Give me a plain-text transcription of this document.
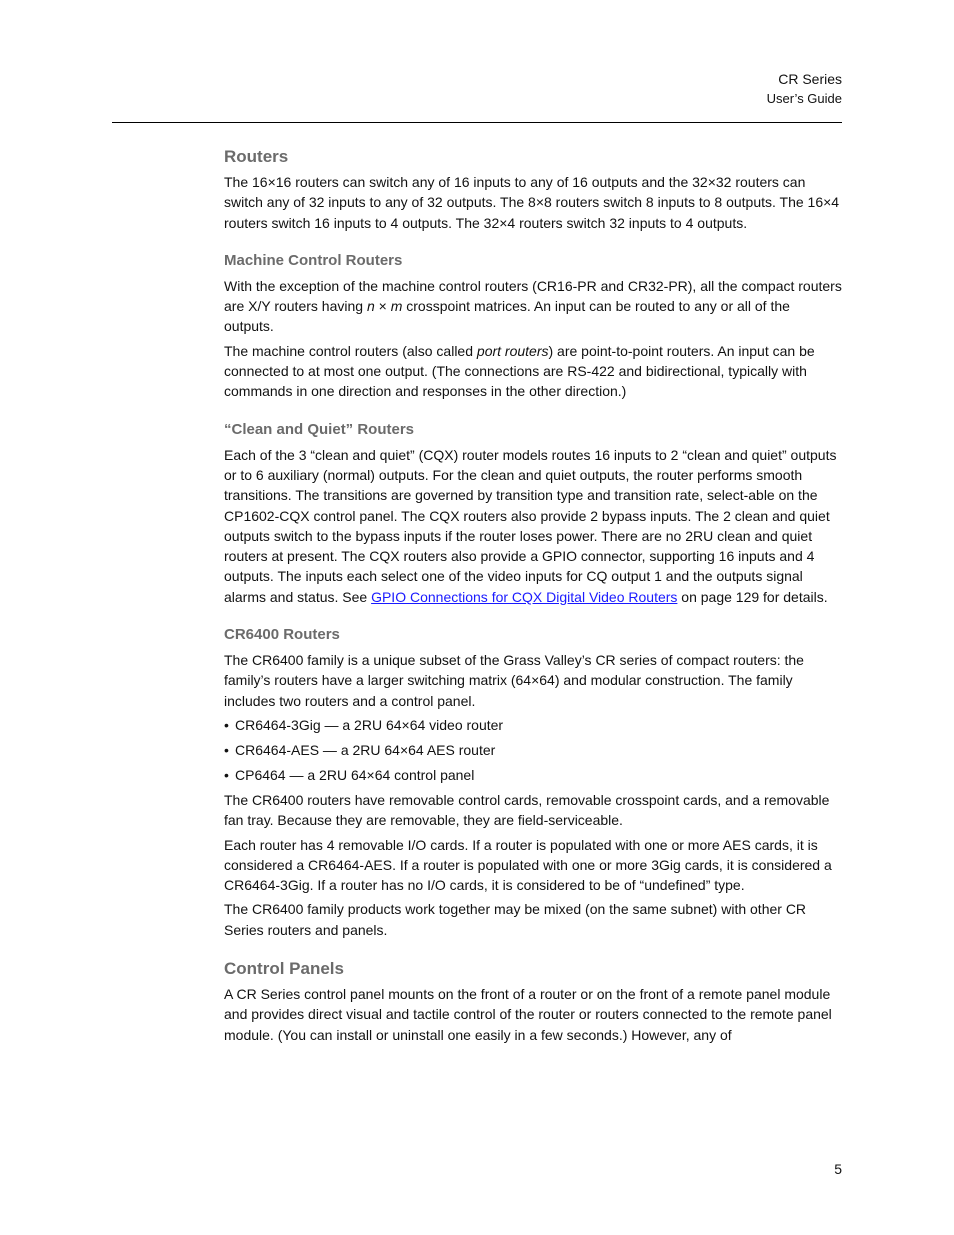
CR Series
User’s Guide
Routers

The 16×16 routers can switch any of 16 inputs to any of 16 outputs and the 32×32 routers can switch any of 32 inputs to any of 32 outputs. The 8×8 routers switch 8 inputs to 8 outputs. The 16×4 routers switch 16 inputs to 4 outputs. The 32×4 routers switch 32 inputs to 4 outputs.

Machine Control Routers

With the exception of the machine control routers (CR16-PR and CR32-PR), all the compact routers are X/Y routers having n × m crosspoint matrices. An input can be routed to any or all of the outputs.

The machine control routers (also called port routers) are point-to-point routers. An input can be connected to at most one output. (The connections are RS-422 and bidirectional, typically with commands in one direction and responses in the other direction.)

“Clean and Quiet” Routers

Each of the 3 “clean and quiet” (CQX) router models routes 16 inputs to 2 “clean and quiet” outputs or to 6 auxiliary (normal) outputs. For the clean and quiet outputs, the router performs smooth transitions. The transitions are governed by transition type and transition rate, select-able on the CP1602-CQX control panel. The CQX routers also provide 2 bypass inputs. The 2 clean and quiet outputs switch to the bypass inputs if the router loses power. There are no 2RU clean and quiet routers at present. The CQX routers also provide a GPIO connector, supporting 16 inputs and 4 outputs. The inputs each select one of the video inputs for CQ output 1 and the outputs signal alarms and status. See GPIO Connections for CQX Digital Video Routers on page 129 for details.

CR6400 Routers

The CR6400 family is a unique subset of the Grass Valley’s CR series of compact routers: the family’s routers have a larger switching matrix (64×64) and modular construction. The family includes two routers and a control panel.

• CR6464-3Gig — a 2RU 64×64 video router
• CR6464-AES — a 2RU 64×64 AES router
• CP6464 — a 2RU 64×64 control panel

The CR6400 routers have removable control cards, removable crosspoint cards, and a removable fan tray. Because they are removable, they are field-serviceable.

Each router has 4 removable I/O cards. If a router is populated with one or more AES cards, it is considered a CR6464-AES. If a router is populated with one or more 3Gig cards, it is considered a CR6464-3Gig. If a router has no I/O cards, it is considered to be of “undefined” type.

The CR6400 family products work together may be mixed (on the same subnet) with other CR Series routers and panels.

Control Panels

A CR Series control panel mounts on the front of a router or on the front of a remote panel module and provides direct visual and tactile control of the router or routers connected to the remote panel module. (You can install or uninstall one easily in a few seconds.) However, any of

5
